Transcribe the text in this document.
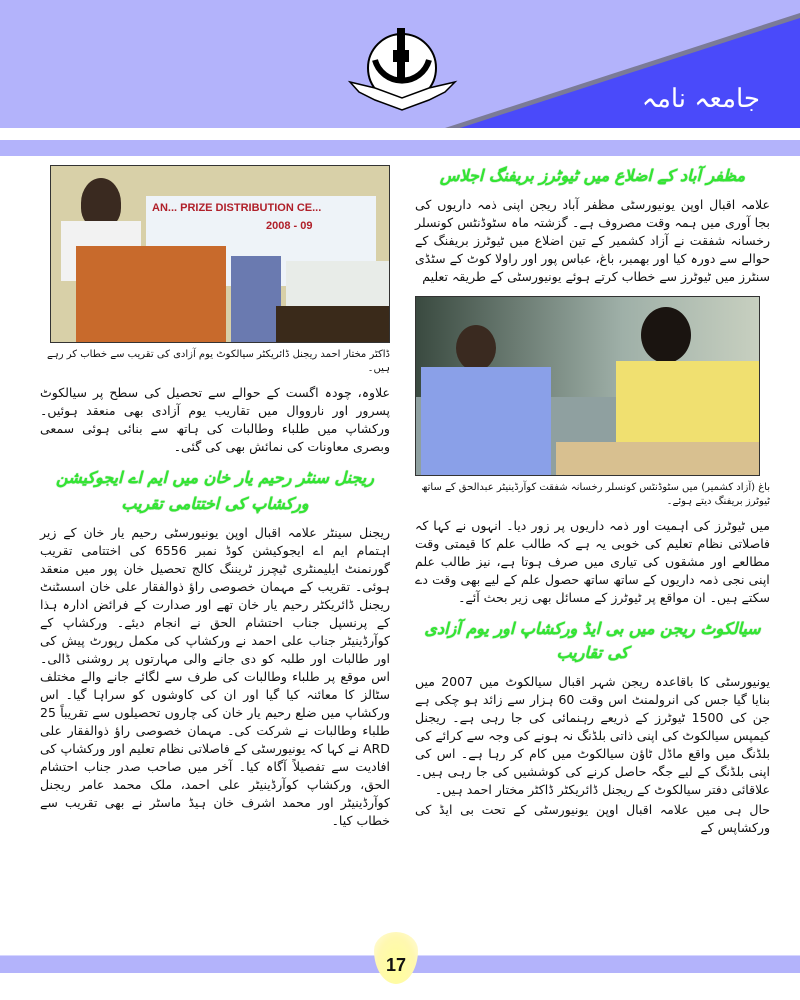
جامعہ نامہ
AN... PRIZE DISTRIBUTION CE...
2008 - 09
ڈاکٹر مختار احمد ریجنل ڈائریکٹر سیالکوٹ یوم آزادی کی تقریب سے خطاب کر رہے ہیں۔
علاوہ، چودہ اگست کے حوالے سے تحصیل کی سطح پر سیالکوٹ پسرور اور نارووال میںتقاریب یوم آزادی بھی منعقد ہوئیں۔ ورکشاپ میں طلباء وطالبات کی ہاتھ سے بنائیہوئی سمعی وبصری معاونات کی نمائش بھی کی گئی۔
ریجنل سنٹر رحیم یار خان میں ایم اے ایجوکیشن
ورکشاپ کی اختتامی تقریب
ریجنل سینٹر علامہ اقبال اوپن یونیورسٹی رحیم یار خان کے زیر اہتمام ایم اےایجوکیشن کوڈ نمبر 6556 کی اختتامی تقریب گورنمنٹ ایلیمنٹری ٹیچرز ٹریننگ کالجتحصیل خان پور میں منعقد ہوئی۔ تقریب کے مہمان خصوصی راؤ ذوالفقار علی خاناسسٹنٹ ریجنل ڈائریکٹر رحیم یار خان تھے اور صدارت کے فرائض ادارہ ہذا کےپرنسپل جناب احتشام الحق نے انجام دیئے۔ ورکشاپ کے کوآرڈینیٹر جناب علی احمدنے ورکشاپ کی مکمل رپورٹ پیش کی اور طالبات اور طلبہ کو دی جانے والی مہارتوں پرروشنی ڈالی۔ اس موقع پر طلباء وطالبات کی طرف سے لگائے جانے والے مختلف سٹالزکا معائنہ کیا گیا اور ان کی کاوشوں کو سراہا گیا۔ اس ورکشاپ میں ضلع رحیم یار خان کیچاروں تحصیلوں سے تقریباً 25 طلباء وطالبات نے شرکت کی۔ مہمان خصوصی راؤذوالفقار علی ARD نے کہا کہ یونیورسٹی کے فاصلاتی نظام تعلیم اور ورکشاپ کیافادیت سے تفصیلاً آگاہ کیا۔ آخر میں صاحب صدر جناب احتشام الحق، ورکشاپکوآرڈینیٹر علی احمد، ملک محمد عامر ریجنل کوآرڈینیٹر اور محمد اشرف خان ہیڈ ماسٹر نے بھیتقریب سے خطاب کیا۔
مظفر آباد کے اضلاع میں ٹیوٹرز بریفنگ اجلاس
علامہ اقبال اوپن یونیورسٹی مظفر آباد ریجن اپنی ذمہ داریوں کی بجا آوری میںہمہ وقت مصروف ہے۔ گزشتہ ماہ سٹوڈنٹس کونسلر رخسانہ شفقت نے آزاد کشمیر کے تیناضلاع میں ٹیوٹرز بریفنگ کے حوالے سے دورہ کیا اور بھمبر، باغ، عباس پور اور راولاکوٹ کے سٹڈی سنٹرز میں ٹیوٹرز سے خطاب کرتے ہوئے یونیورسٹی کے طریقہ تعلیم
باغ (آزاد کشمیر) میں سٹوڈنٹس کونسلر رخسانہ شفقت کوآرڈینیٹر عبدالحق کے ساتھ ٹیوٹرز بریفنگ دیتے ہوئے۔
میں ٹیوٹرز کی اہمیت اور ذمہ داریوں پر زور دیا۔ انہوں نے کہا کہ فاصلاتی نظام تعلیم کیخوبی یہ ہے کہ طالب علم کا قیمتی وقت مطالعے اور مشقوں کی تیاری میں صرف ہوتا ہے،نیز طالب علم اپنی نجی ذمہ داریوں کے ساتھ ساتھ حصول علم کے لیے بھی وقت دےسکتے ہیں۔ ان مواقع پر ٹیوٹرز کے مسائل بھی زیر بحث آئے۔
سیالکوٹ ریجن میں بی ایڈ ورکشاپ اور یوم آزادی کی تقاریب
یونیورسٹی کا باقاعدہ ریجن شہر اقبال سیالکوٹ میں 2007 میں بنایا گیا جس کیانرولمنٹ اس وقت 60 ہزار سے زائد ہو چکی ہے جن کی 1500 ٹیوٹرز کے ذریعےرہنمائی کی جا رہی ہے۔ ریجنل کیمپس سیالکوٹ کی اپنی ذاتی بلڈنگ نہ ہونے کی وجہسے کرائے کی بلڈنگ میں واقع ماڈل ٹاؤن سیالکوٹ میں کام کر رہا ہے۔ اس کی اپنیبلڈنگ کے لیے جگہ حاصل کرنے کی کوششیں کی جا رہی ہیں۔ علاقائی دفتر سیالکوٹکے ریجنل ڈائریکٹر ڈاکٹر مختار احمد ہیں۔
حال ہی میں علامہ اقبال اوپن یونیورسٹی کے تحت بی ایڈ کی ورکشاپس کے
17
